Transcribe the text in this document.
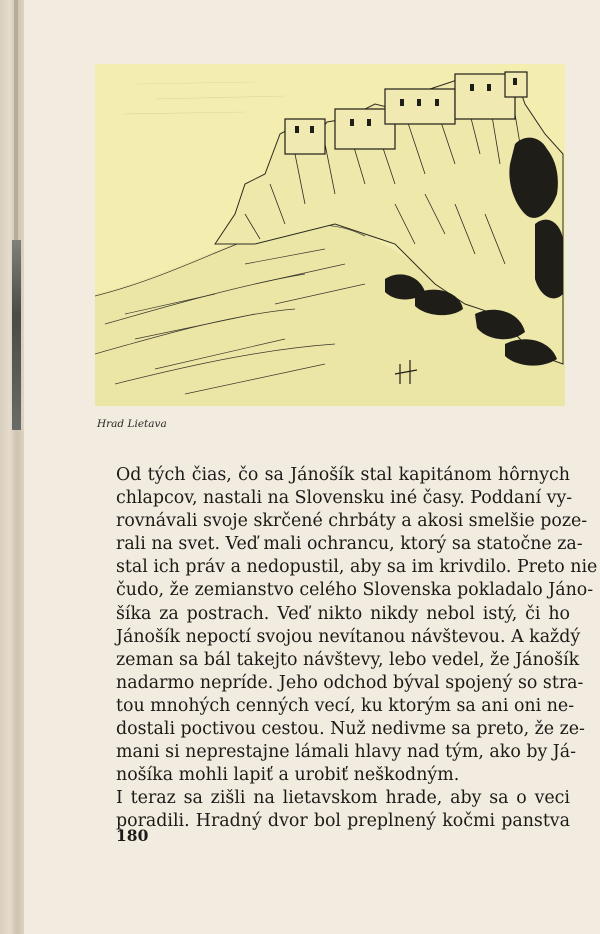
Hrad Lietava
Od tých čias, čo sa Jánošík stal kapitánom hôrnych
chlapcov, nastali na Slovensku iné časy. Poddaní vy-
rovnávali svoje skrčené chrbáty a akosi smelšie poze-
rali na svet. Veď mali ochrancu, ktorý sa statočne za-
stal ich práv a nedopustil, aby sa im krivdilo. Preto nie
čudo, že zemianstvo celého Slovenska pokladalo Jáno-
šíka za postrach. Veď nikto nikdy nebol istý, či ho
Jánošík nepoctí svojou nevítanou návštevou. A každý
zeman sa bál takejto návštevy, lebo vedel, že Jánošík
nadarmo nepríde. Jeho odchod býval spojený so stra-
tou mnohých cenných vecí, ku ktorým sa ani oni ne-
dostali poctivou cestou. Nuž nedivme sa preto, že ze-
mani si neprestajne lámali hlavy nad tým, ako by Já-
nošíka mohli lapiť a urobiť neškodným.
I teraz sa zišli na lietavskom hrade, aby sa o veci
poradili. Hradný dvor bol preplnený kočmi panstva
180
